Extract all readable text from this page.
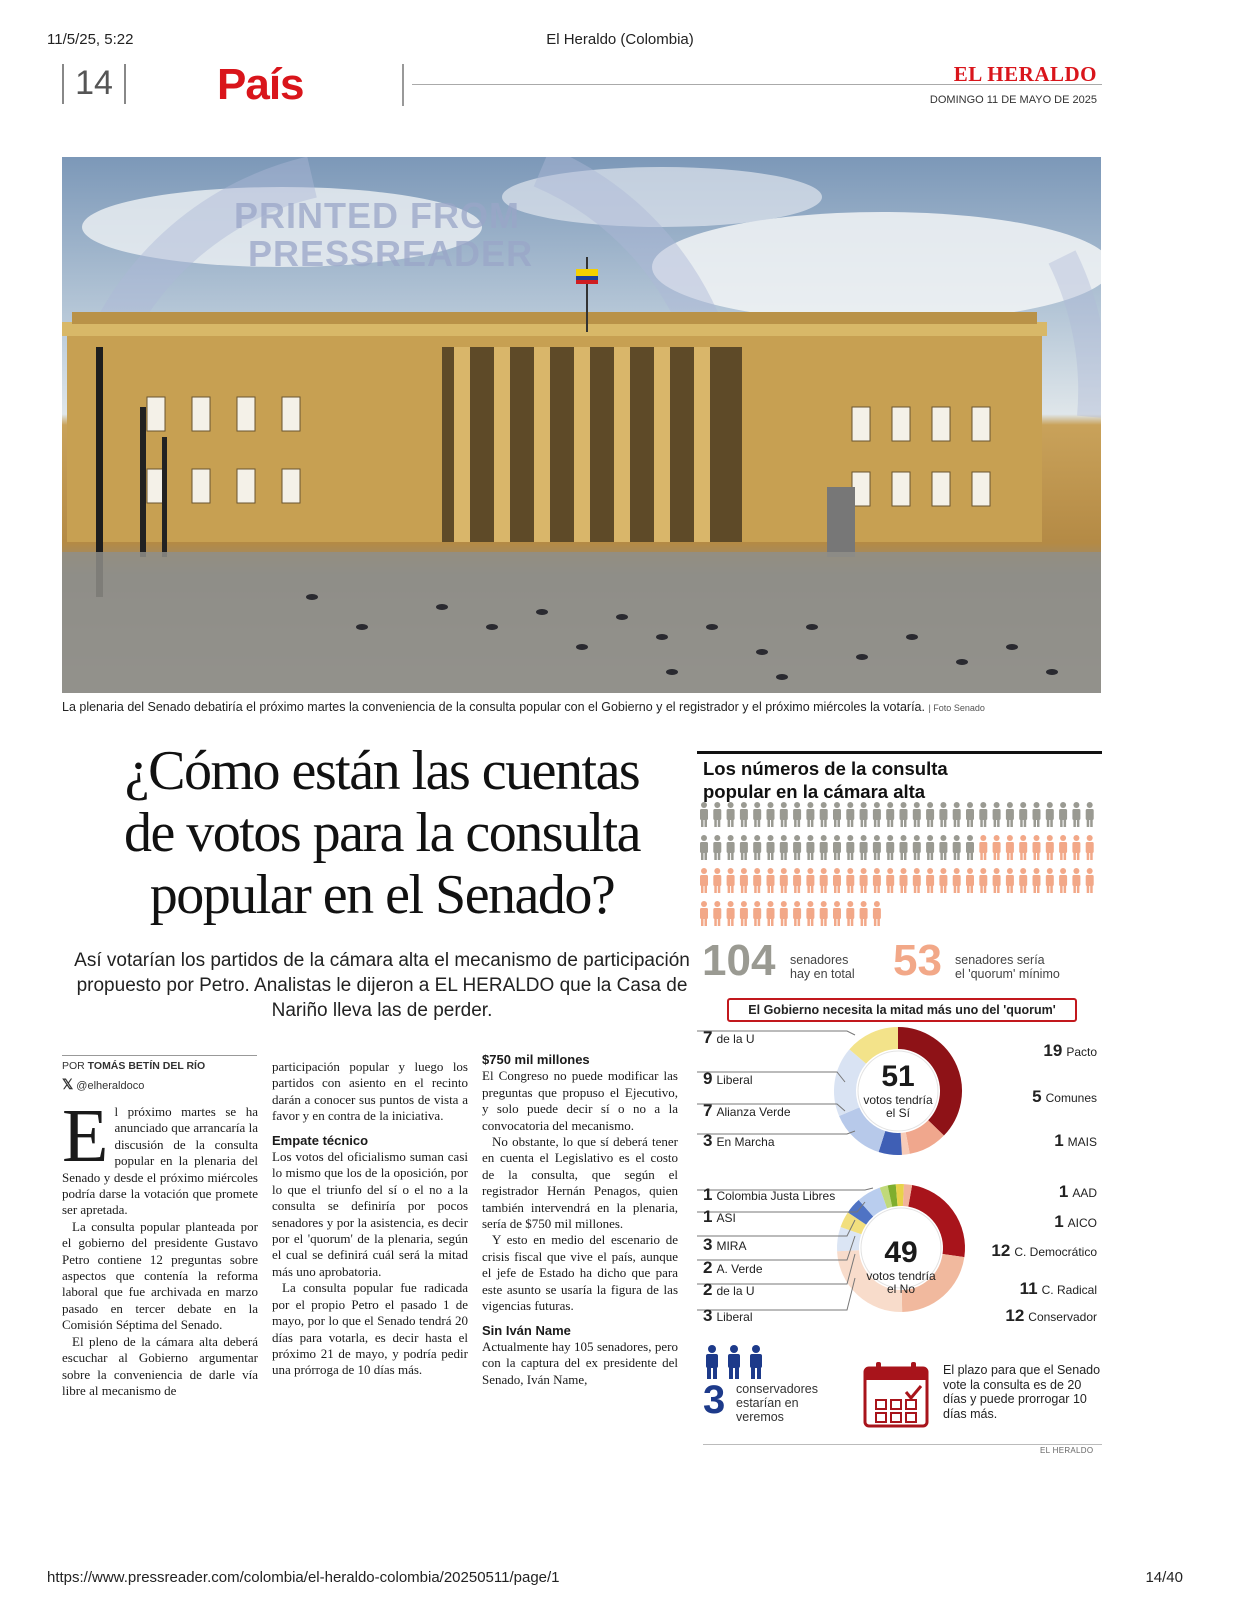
11/5/25, 5:22	El Heraldo (Colombia)
14 País	EL HERALDO
DOMINGO 11 DE MAYO DE 2025
PRINTED FROM
PRESSREADER
La plenaria del Senado debatiría el próximo martes la conveniencia de la consulta popular con el Gobierno y el registrador y el próximo miércoles la votaría. | Foto Senado
¿Cómo están las cuentas
de votos para la consulta
popular en el Senado?
Así votarían los partidos de la cámara alta el mecanismo de participación propuesto por Petro. Analistas le dijeron a EL HERALDO que la Casa de Nariño lleva las de perder.
POR TOMÁS BETÍN DEL RÍO
𝕏 @elheraldoco

El próximo martes se ha anunciado que arrancaría la discusión de la consulta popular en la plenaria del Senado y desde el próximo miércoles podría darse la votación que promete ser apretada.

La consulta popular planteada por el gobierno del presidente Gustavo Petro contiene 12 preguntas sobre aspectos que contenía la reforma laboral que fue archivada en marzo pasado en tercer debate en la Comisión Séptima del Senado.

El pleno de la cámara alta deberá escuchar al Gobierno argumentar sobre la conveniencia de darle vía libre al mecanismo de

participación popular y luego los partidos con asiento en el recinto darán a conocer sus puntos de vista a favor y en contra de la iniciativa.

Empate técnico

Los votos del oficialismo suman casi lo mismo que los de la oposición, por lo que el triunfo del sí o el no a la consulta se definiría por pocos senadores y por la asistencia, es decir por el 'quorum' de la plenaria, según el cual se definirá cuál será la mitad más uno aprobatoria.

La consulta popular fue radicada por el propio Petro el pasado 1 de mayo, por lo que el Senado tendrá 20 días para votarla, es decir hasta el próximo 21 de mayo, y podría pedir una prórroga de 10 días más.

$750 mil millones

El Congreso no puede modificar las preguntas que propuso el Ejecutivo, y solo puede decir sí o no a la convocatoria del mecanismo.

No obstante, lo que sí deberá tener en cuenta el Legislativo es el costo de la consulta, que según el registrador Hernán Penagos, quien también intervendrá en la plenaria, sería de $750 mil millones.

Y esto en medio del escenario de crisis fiscal que vive el país, aunque el jefe de Estado ha dicho que para este asunto se usaría la figura de las vigencias futuras.

Sin Iván Name

Actualmente hay 105 senadores, pero con la captura del ex presidente del Senado, Iván Name,

Los números de la consulta
popular en la cámara alta
104 senadores
hay en total 53 senadores sería
el 'quorum' mínimo
El Gobierno necesita la mitad más uno del 'quorum'
51
votos tendría
el Sí
7 de la U
9 Liberal
7 Alianza Verde
3 En Marcha
19 Pacto
5 Comunes
1 MAIS
49
votos tendría
el No
1 Colombia Justa Libres
1 ASI
3 MIRA
2 A. Verde
2 de la U
3 Liberal
1 AAD
1 AICO
12 C. Democrático
11 C. Radical
12 Conservador
3 conservadores
estarían en
veremos
El plazo para que el Senado vote la consulta es de 20 días y puede prorrogar 10 días más.
EL HERALDO
https://www.pressreader.com/colombia/el-heraldo-colombia/20250511/page/1	14/40
